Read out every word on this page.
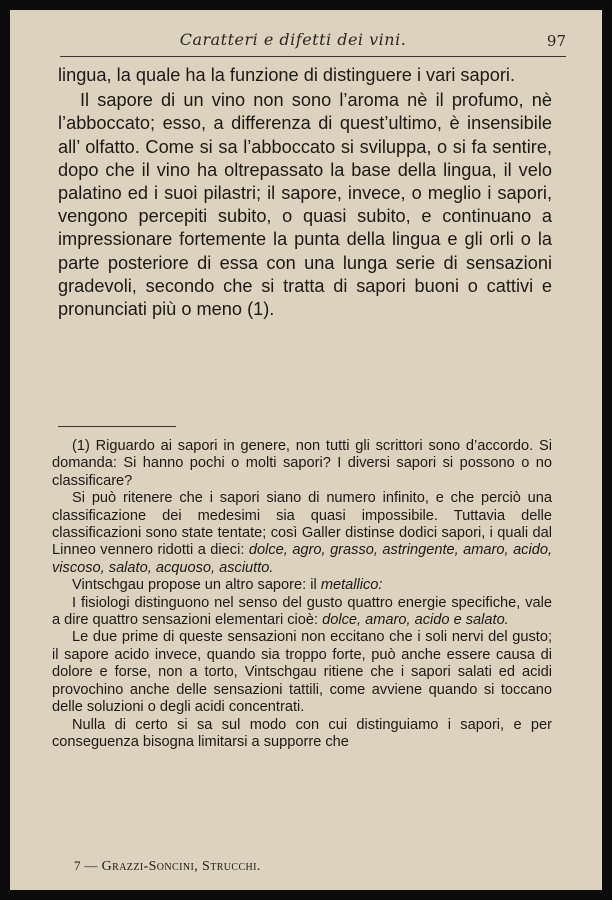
Caratteri e difetti dei vini.	97

lingua, la quale ha la funzione di distinguere i vari sapori.

Il sapore di un vino non sono l’aroma nè il profumo, nè l’abboccato; esso, a differenza di quest’ultimo, è insensibile all’ olfatto. Come si sa l’abboccato si sviluppa, o si fa sentire, dopo che il vino ha oltrepassato la base della lingua, il velo palatino ed i suoi pilastri; il sapore, invece, o meglio i sapori, vengono percepiti subito, o quasi subito, e continuano a impressionare fortemente la punta della lingua e gli orli o la parte posteriore di essa con una lunga serie di sensazioni gradevoli, secondo che si tratta di sapori buoni o cattivi e pronunciati più o meno (1).

(1) Riguardo ai sapori in genere, non tutti gli scrittori sono d’accordo. Si domanda: Si hanno pochi o molti sapori? I diversi sapori si possono o no classificare?

Si può ritenere che i sapori siano di numero infinito, e che perciò una classificazione dei medesimi sia quasi impossibile. Tuttavia delle classificazioni sono state tentate; così Galler distinse dodici sapori, i quali dal Linneo vennero ridotti a dieci: dolce, agro, grasso, astringente, amaro, acido, viscoso, salato, acquoso, asciutto.

Vintschgau propose un altro sapore: il metallico:

I fisiologi distinguono nel senso del gusto quattro energie specifiche, vale a dire quattro sensazioni elementari cioè: dolce, amaro, acido e salato.

Le due prime di queste sensazioni non eccitano che i soli nervi del gusto; il sapore acido invece, quando sia troppo forte, può anche essere causa di dolore e forse, non a torto, Vintschgau ritiene che i sapori salati ed acidi provochino anche delle sensazioni tattili, come avviene quando si toccano delle soluzioni o degli acidi concentrati.

Nulla di certo si sa sul modo con cui distinguiamo i sapori, e per conseguenza bisogna limitarsi a supporre che

7 — Grazzi-Soncini, Strucchi.
